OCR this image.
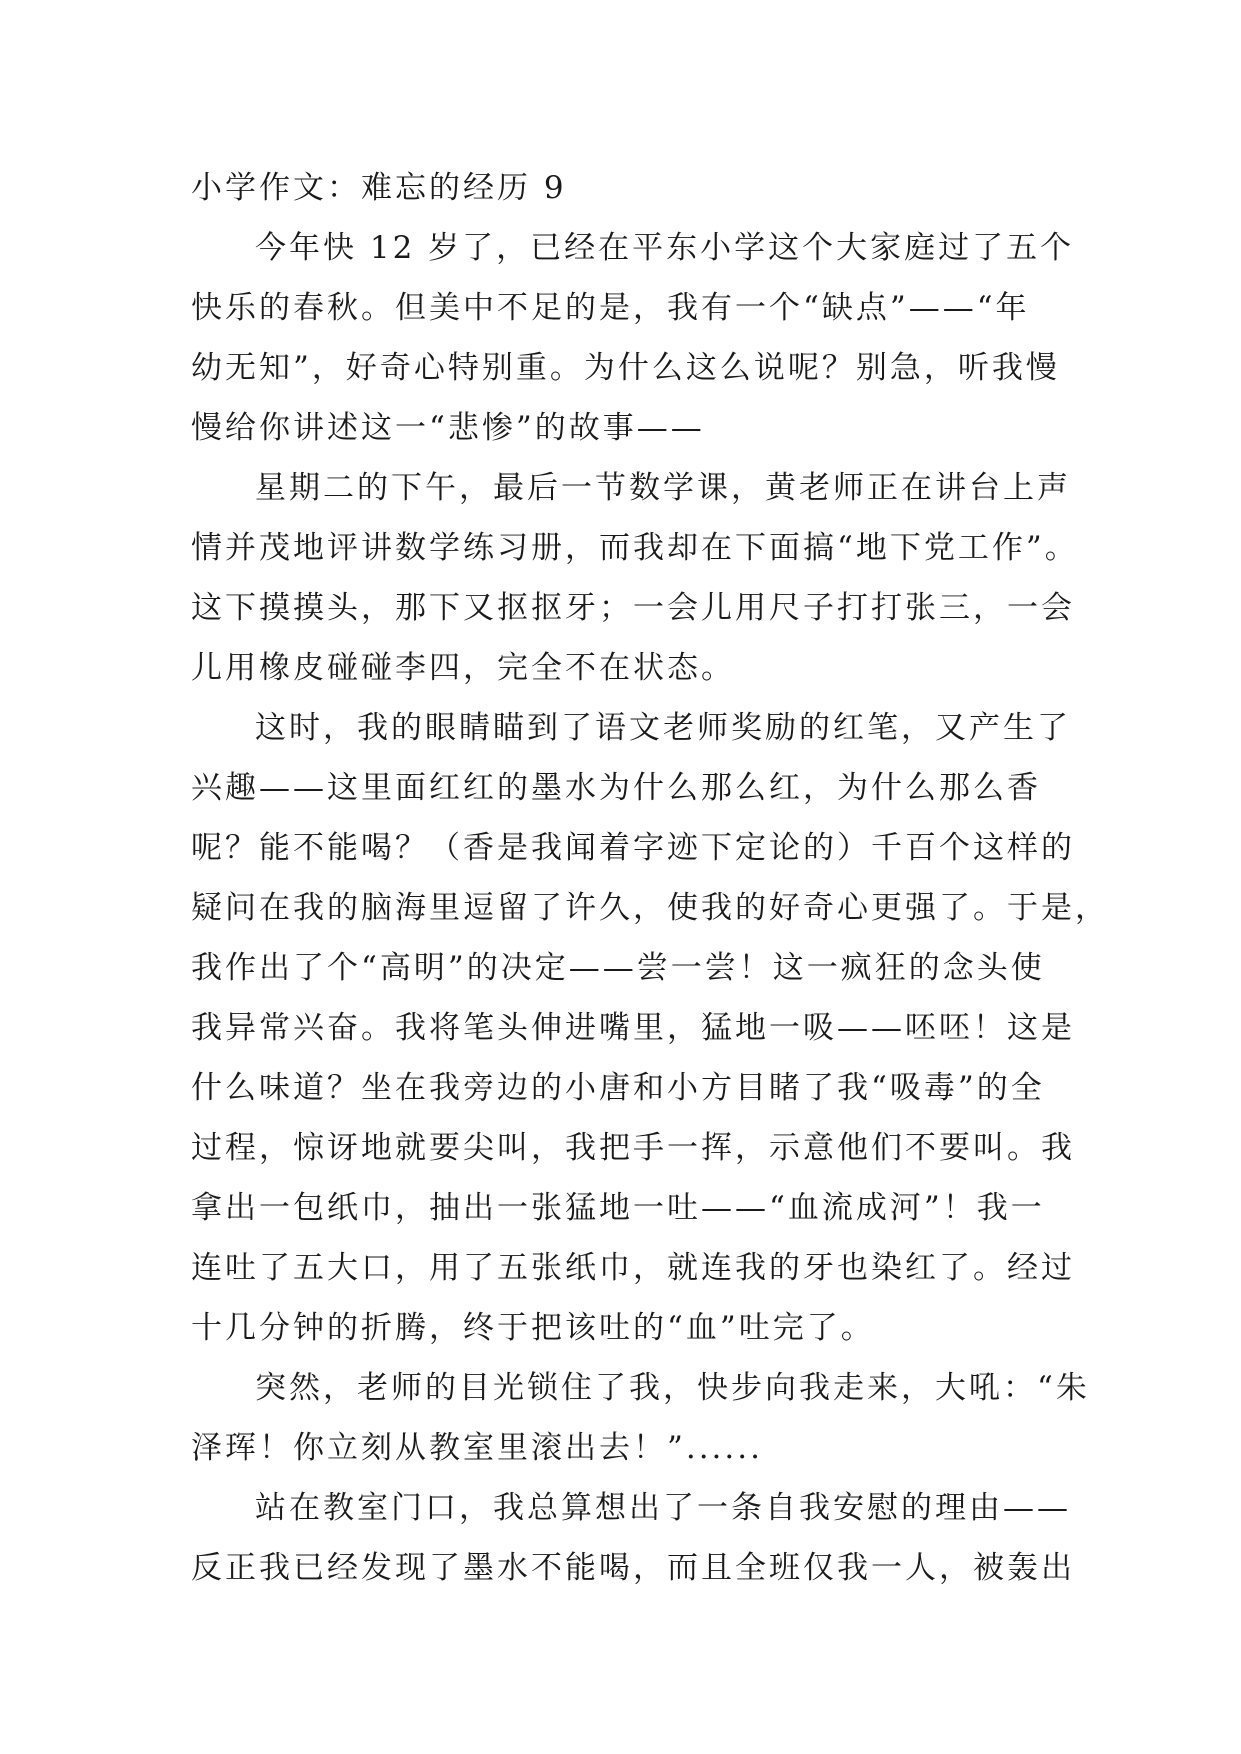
小学作文：难忘的经历 9
今年快 12 岁了，已经在平东小学这个大家庭过了五个
快乐的春秋。但美中不足的是，我有一个“缺点”——“年
幼无知”，好奇心特别重。为什么这么说呢？别急，听我慢
慢给你讲述这一“悲惨”的故事——
星期二的下午，最后一节数学课，黄老师正在讲台上声
情并茂地评讲数学练习册，而我却在下面搞“地下党工作”。
这下摸摸头，那下又抠抠牙；一会儿用尺子打打张三，一会
儿用橡皮碰碰李四，完全不在状态。
这时，我的眼睛瞄到了语文老师奖励的红笔，又产生了
兴趣——这里面红红的墨水为什么那么红，为什么那么香
呢？能不能喝？（香是我闻着字迹下定论的）千百个这样的
疑问在我的脑海里逗留了许久，使我的好奇心更强了。于是，
我作出了个“高明”的决定——尝一尝！这一疯狂的念头使
我异常兴奋。我将笔头伸进嘴里，猛地一吸——呸呸！这是
什么味道？坐在我旁边的小唐和小方目睹了我“吸毒”的全
过程，惊讶地就要尖叫，我把手一挥，示意他们不要叫。我
拿出一包纸巾，抽出一张猛地一吐——“血流成河”！我一
连吐了五大口，用了五张纸巾，就连我的牙也染红了。经过
十几分钟的折腾，终于把该吐的“血”吐完了。
突然，老师的目光锁住了我，快步向我走来，大吼：“朱
泽珲！你立刻从教室里滚出去！”......
站在教室门口，我总算想出了一条自我安慰的理由——
反正我已经发现了墨水不能喝，而且全班仅我一人，被轰出
